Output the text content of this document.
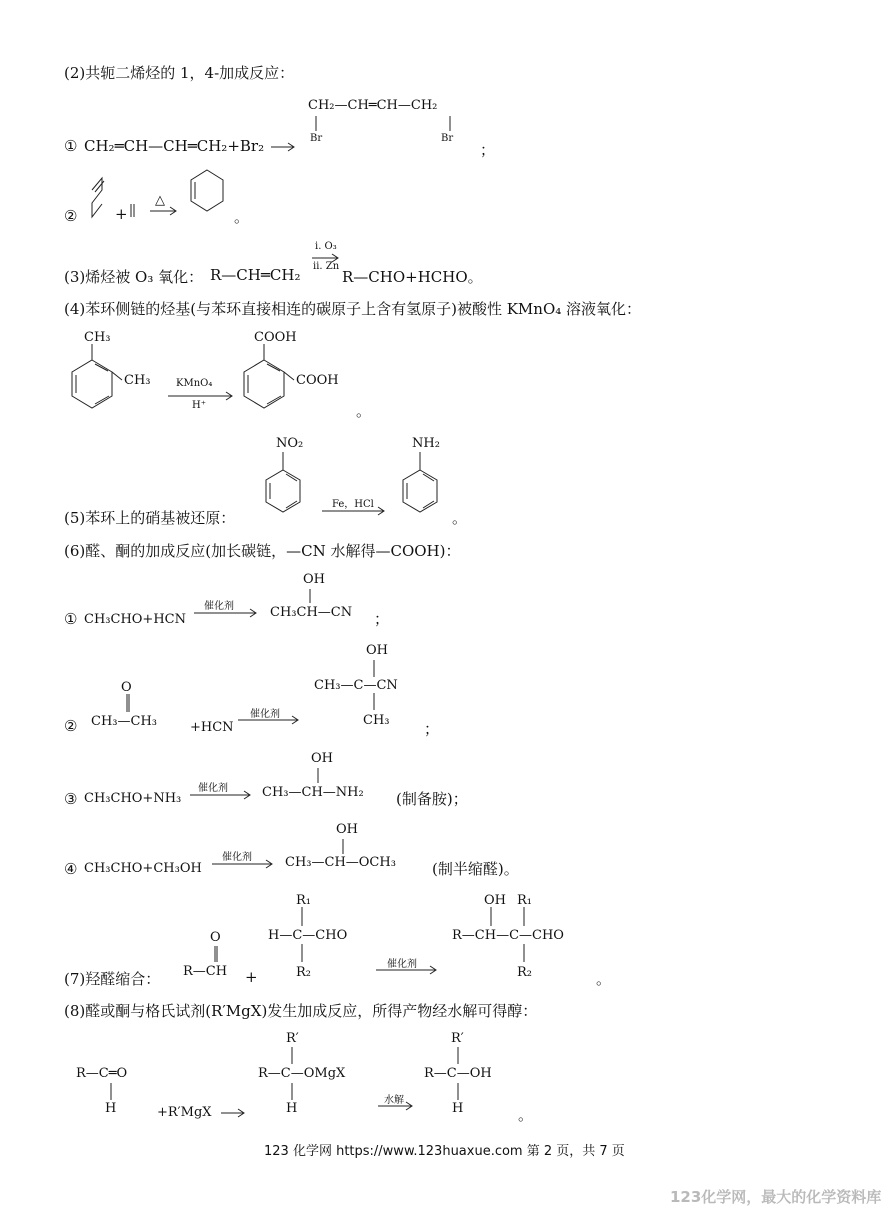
(2)共轭二烯烃的 1，4-加成反应：
CH₂—CH═CH—CH₂
Br	Br
① CH₂═CH—CH═CH₂+Br₂	；
②	+
△
。
(3)烯烃被 O₃ 氧化： R—CH═CH₂
ⅰ. O₃
ⅱ. Zn
R—CHO+HCHO。
(4)苯环侧链的烃基(与苯环直接相连的碳原子上含有氢原子)被酸性 KMnO₄ 溶液氧化：
CH₃
CH₃	KMnO₄
H⁺
COOH
COOH
。
NO₂
Fe，HCl
NH₂
(5)苯环上的硝基被还原：	。
(6)醛、酮的加成反应(加长碳链，—CN 水解得—COOH)：
OH
催化剂
① CH₃CHO+HCN	CH₃CH—CN ；
O
OH
CH₃—C—CN
催化剂
CH₃—CH₃
②	+HCN	CH₃ ；
OH
催化剂
③ CH₃CHO+NH₃	CH₃—CH—NH₂ (制备胺)；
OH
催化剂
④ CH₃CHO+CH₃OH	CH₃—CH—OCH₃ (制半缩醛)。
R₁	OH R₁
O	H—C—CHO	R—CH—C—CHO
催化剂
(7)羟醛缩合： R—CH +	R₂	R₂	。
(8)醛或酮与格氏试剂(R′MgX)发生加成反应，所得产物经水解可得醇：
R′	R′
R—C═O	R—C—OMgX	R—C—OH
水解
H	H	H
+R′MgX	。
123 化学网 https://www.123huaxue.com 第 2 页，共 7 页
123化学网，最大的化学资料库
